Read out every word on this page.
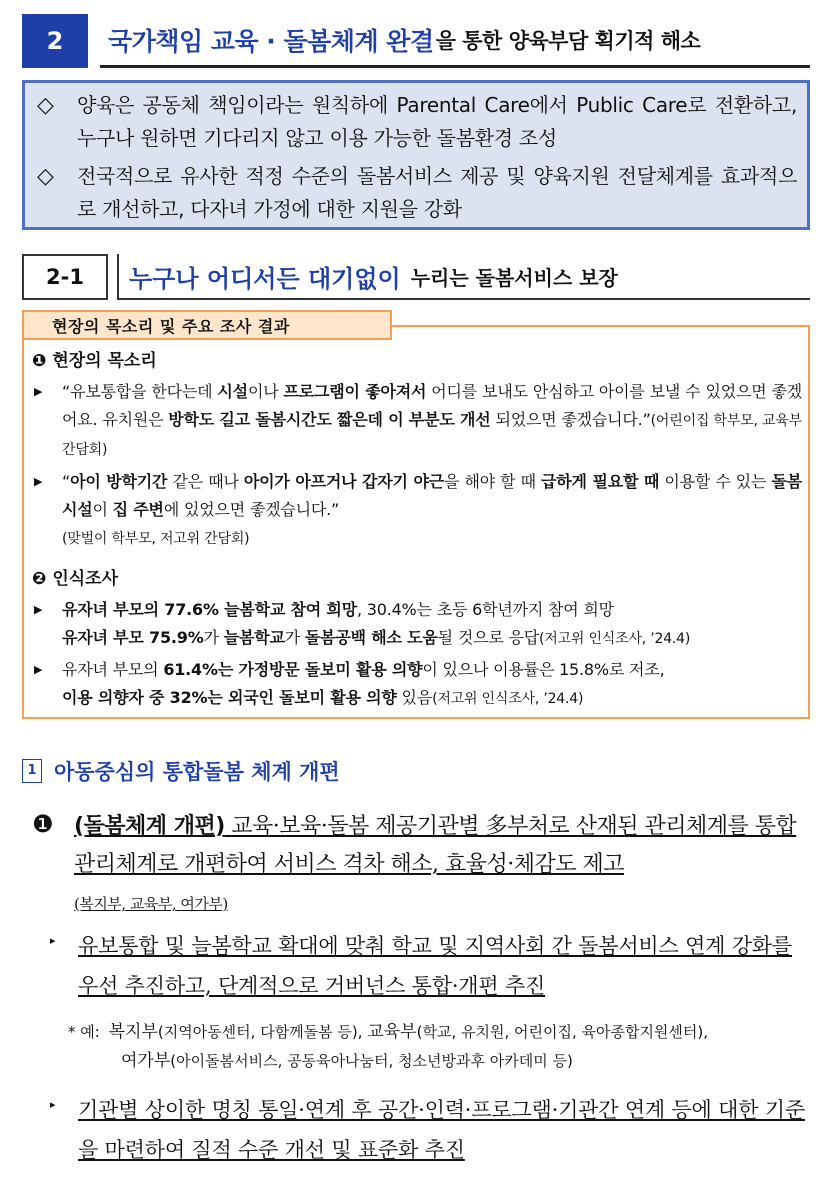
2	국가책임 교육 · 돌봄체계 완결 을 통한 양육부담 획기적 해소
◇	양육은 공동체 책임이라는 원칙하에 Parental Care에서 Public Care로 전환하고, 누구나 원하면 기다리지 않고 이용 가능한 돌봄환경 조성
◇	전국적으로 유사한 적정 수준의 돌봄서비스 제공 및 양육지원 전달체계를 효과적으로 개선하고, 다자녀 가정에 대한 지원을 강화
2-1	누구나 어디서든 대기없이 누리는 돌봄서비스 보장
현장의 목소리 및 주요 조사 결과
❶ 현장의 목소리
▶ “유보통합을 한다는데 시설이나 프로그램이 좋아져서 어디를 보내도 안심하고 아이를 보낼 수 있었으면 좋겠어요. 유치원은 방학도 길고 돌봄시간도 짧은데 이 부분도 개선 되었으면 좋겠습니다.”(어린이집 학부모, 교육부 간담회)
▶ “아이 방학기간 같은 때나 아이가 아프거나 갑자기 야근을 해야 할 때 급하게 필요할 때 이용할 수 있는 돌봄시설이 집 주변에 있었으면 좋겠습니다.”
(맞벌이 학부모, 저고위 간담회)
❷ 인식조사
▶ 유자녀 부모의 77.6% 늘봄학교 참여 희망, 30.4%는 초등 6학년까지 참여 희망
유자녀 부모 75.9%가 늘봄학교가 돌봄공백 해소 도움될 것으로 응답(저고위 인식조사, ’24.4)
▶ 유자녀 부모의 61.4%는 가정방문 돌보미 활용 의향이 있으나 이용률은 15.8%로 저조,
이용 의향자 중 32%는 외국인 돌보미 활용 의향 있음(저고위 인식조사, ’24.4)
1 아동중심의 통합돌봄 체계 개편
❶ (돌봄체계 개편) 교육·보육·돌봄 제공기관별 多부처로 산재된 관리체계를 통합관리체계로 개편하여 서비스 격차 해소, 효율성·체감도 제고
(복지부, 교육부, 여가부)
▸ 유보통합 및 늘봄학교 확대에 맞춰 학교 및 지역사회 간 돌봄서비스 연계 강화를 우선 추진하고, 단계적으로 거버넌스 통합·개편 추진
* 예: 복지부(지역아동센터, 다함께돌봄 등), 교육부(학교, 유치원, 어린이집, 육아종합지원센터),
여가부(아이돌봄서비스, 공동육아나눔터, 청소년방과후 아카데미 등)
▸ 기관별 상이한 명칭 통일·연계 후 공간·인력·프로그램·기관간 연계 등에 대한 기준을 마련하여 질적 수준 개선 및 표준화 추진
